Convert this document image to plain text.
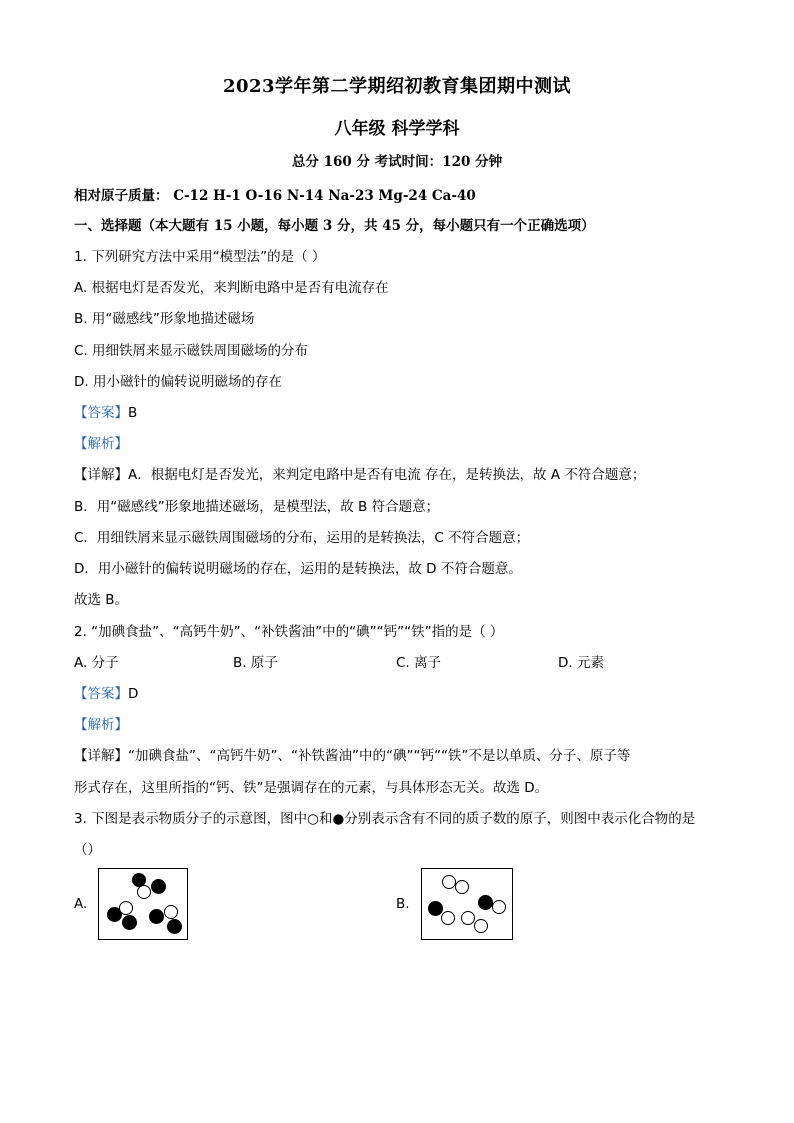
2023学年第二学期绍初教育集团期中测试
八年级 科学学科
总分 160 分 考试时间：120 分钟
相对原子质量： C-12 H-1 O-16 N-14 Na-23 Mg-24 Ca-40
一、选择题（本大题有 15 小题，每小题 3 分，共 45 分，每小题只有一个正确选项）
1. 下列研究方法中采用“模型法”的是（ ）
A. 根据电灯是否发光，来判断电路中是否有电流存在
B. 用“磁感线”形象地描述磁场
C. 用细铁屑来显示磁铁周围磁场的分布
D. 用小磁针的偏转说明磁场的存在
【答案】B
【解析】
【详解】A．根据电灯是否发光，来判定电路中是否有电流 存在，是转换法，故 A 不符合题意；
B．用“磁感线”形象地描述磁场，是模型法，故 B 符合题意；
C．用细铁屑来显示磁铁周围磁场的分布，运用的是转换法，C 不符合题意；
D．用小磁针的偏转说明磁场的存在，运用的是转换法，故 D 不符合题意。
故选 B。
2. “加碘食盐”、“高钙牛奶”、“补铁酱油”中的“碘”“钙”“铁”指的是（ ）
A. 分子	B. 原子	C. 离子	D. 元素
【答案】D
【解析】
【详解】“加碘食盐”、“高钙牛奶”、“补铁酱油”中的“碘”“钙”“铁”不是以单质、分子、原子等
形式存在，这里所指的“钙、铁”是强调存在的元素，与具体形态无关。故选 D。
3. 下图是表示物质分子的示意图，图中○和●分别表示含有不同的质子数的原子，则图中表示化合物的是
（）
A.	B.
